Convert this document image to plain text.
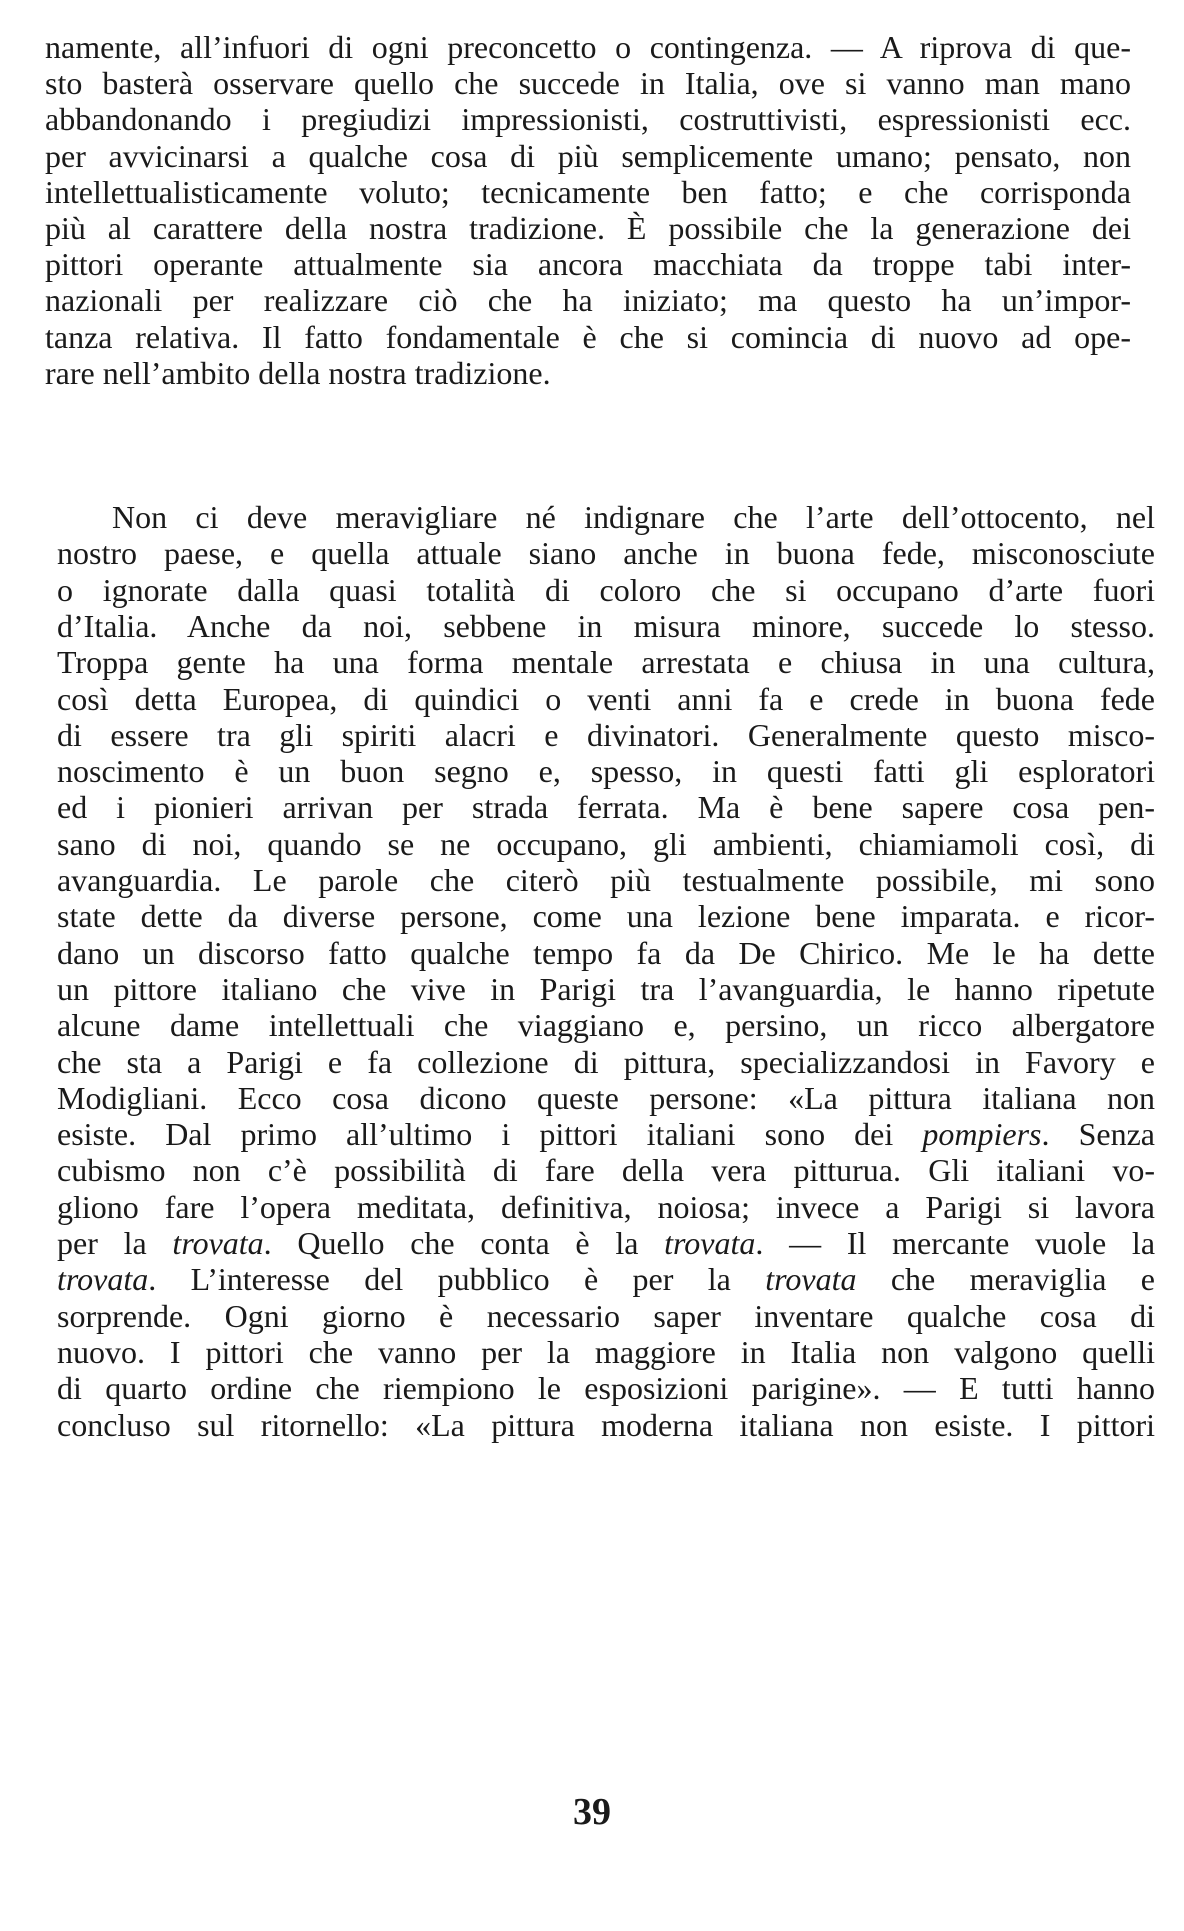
namente, all’infuori di ogni preconcetto o contingenza. — A riprova di que-
sto basterà osservare quello che succede in Italia, ove si vanno man mano
abbandonando i pregiudizi impressionisti, costruttivisti, espressionisti ecc.
per avvicinarsi a qualche cosa di più semplicemente umano; pensato, non
intellettualisticamente voluto; tecnicamente ben fatto; e che corrisponda
più al carattere della nostra tradizione. È possibile che la generazione dei
pittori operante attualmente sia ancora macchiata da troppe tabi inter-
nazionali per realizzare ciò che ha iniziato; ma questo ha un’impor-
tanza relativa. Il fatto fondamentale è che si comincia di nuovo ad ope-
rare nell’ambito della nostra tradizione.
Non ci deve meravigliare né indignare che l’arte dell’ottocento, nel
nostro paese, e quella attuale siano anche in buona fede, misconosciute
o ignorate dalla quasi totalità di coloro che si occupano d’arte fuori
d’Italia. Anche da noi, sebbene in misura minore, succede lo stesso.
Troppa gente ha una forma mentale arrestata e chiusa in una cultura,
così detta Europea, di quindici o venti anni fa e crede in buona fede
di essere tra gli spiriti alacri e divinatori. Generalmente questo misco-
noscimento è un buon segno e, spesso, in questi fatti gli esploratori
ed i pionieri arrivan per strada ferrata. Ma è bene sapere cosa pen-
sano di noi, quando se ne occupano, gli ambienti, chiamiamoli così, di
avanguardia. Le parole che citerò più testualmente possibile, mi sono
state dette da diverse persone, come una lezione bene imparata. e ricor-
dano un discorso fatto qualche tempo fa da De Chirico. Me le ha dette
un pittore italiano che vive in Parigi tra l’avanguardia, le hanno ripetute
alcune dame intellettuali che viaggiano e, persino, un ricco albergatore
che sta a Parigi e fa collezione di pittura, specializzandosi in Favory e
Modigliani. Ecco cosa dicono queste persone: «La pittura italiana non
esiste. Dal primo all’ultimo i pittori italiani sono dei pompiers. Senza
cubismo non c’è possibilità di fare della vera pitturua. Gli italiani vo-
gliono fare l’opera meditata, definitiva, noiosa; invece a Parigi si lavora
per la trovata. Quello che conta è la trovata. — Il mercante vuole la
trovata. L’interesse del pubblico è per la trovata che meraviglia e
sorprende. Ogni giorno è necessario saper inventare qualche cosa di
nuovo. I pittori che vanno per la maggiore in Italia non valgono quelli
di quarto ordine che riempiono le esposizioni parigine». — E tutti hanno
concluso sul ritornello: «La pittura moderna italiana non esiste. I pittori
39
